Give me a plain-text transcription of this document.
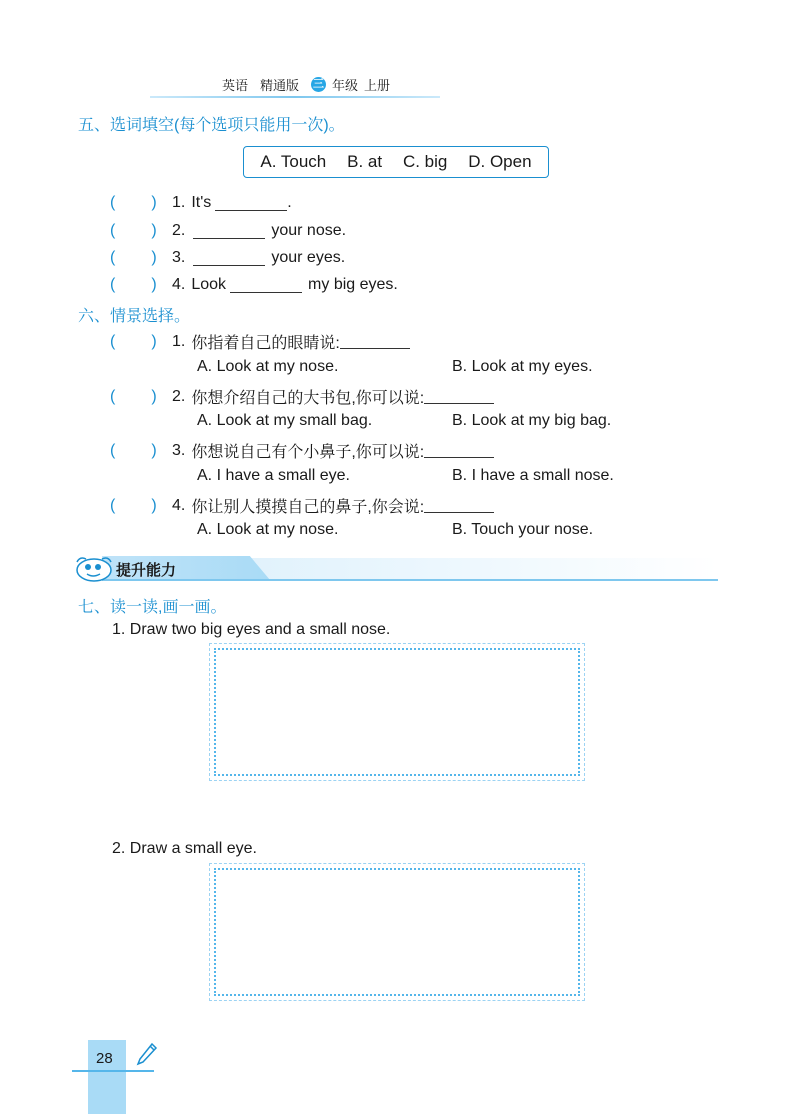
英语 精通版 三 年级 上册
五、选词填空(每个选项只能用一次)。
A. Touch B. at C. big D. Open
( ) 1. It's	.
( ) 2.	your nose.
( ) 3.	your eyes.
( ) 4. Look	my big eyes.
六、情景选择。
( ) 1. 你指着自己的眼睛说:
A. Look at my nose.	B. Look at my eyes.
( ) 2. 你想介绍自己的大书包,你可以说:
A. Look at my small bag.	B. Look at my big bag.
( ) 3. 你想说自己有个小鼻子,你可以说:
A. I have a small eye.	B. I have a small nose.
( ) 4. 你让别人摸摸自己的鼻子,你会说:
A. Look at my nose.	B. Touch your nose.
提升能力
七、读一读,画一画。
1. Draw two big eyes and a small nose.
2. Draw a small eye.
28
